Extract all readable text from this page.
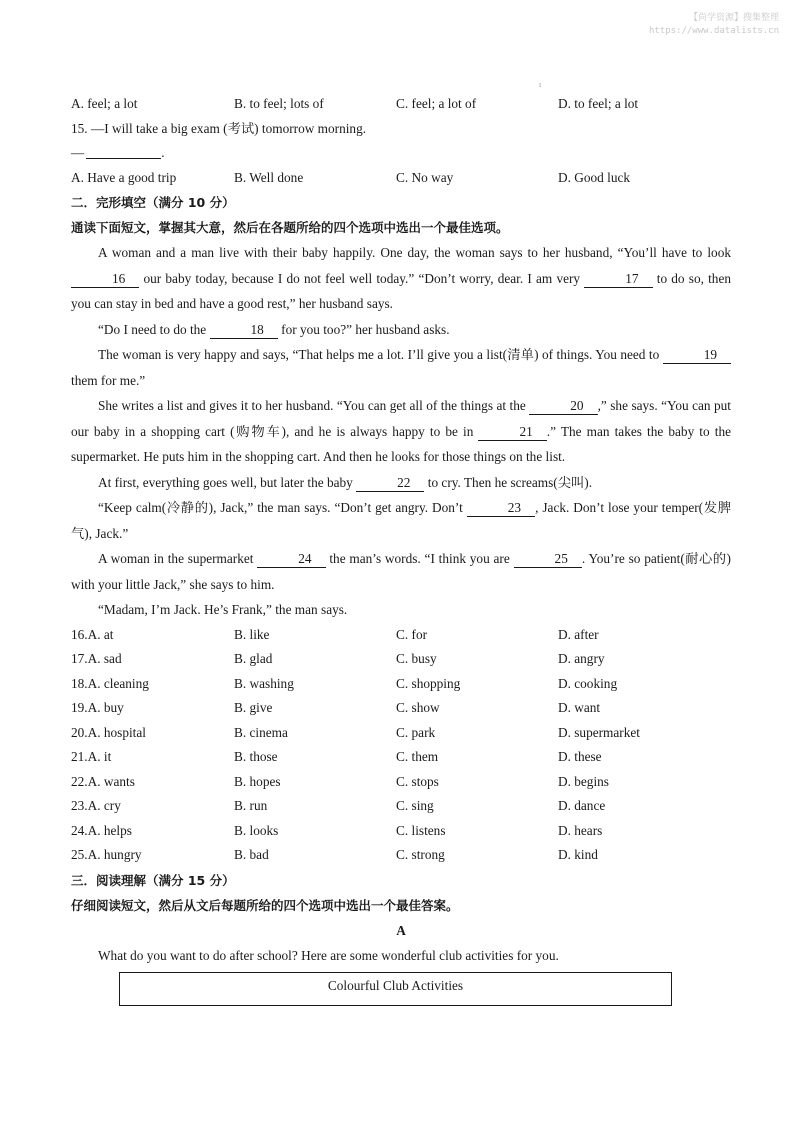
【尚学资源】搜集整理
https://www.datalists.cn
ı
A. feel; a lot	B. to feel; lots of	C. feel; a lot of	D. to feel; a lot
15. —I will take a big exam (考试) tomorrow morning.
—	.
A. Have a good trip	B. Well done	C. No way	D. Good luck
二．完形填空（满分 10 分）
通读下面短文，掌握其大意，然后在各题所给的四个选项中选出一个最佳选项。

A woman and a man live with their baby happily. One day, the woman says to her husband, “You’ll have to look 16 our baby today, because I do not feel well today.” “Don’t worry, dear. I am very	17 to do so, then you can stay in bed and have a good rest,” her husband says.

“Do I need to do the	18 for you too?” her husband asks.

The woman is very happy and says, “That helps me a lot. I’ll give you a list(清单) of things. You need to	19 them for me.”

She writes a list and gives it to her husband. “You can get all of the things at the	20 ,” she says. “You can put our baby in a shopping cart (购物车), and he is always happy to be in	21 .” The man takes the baby to the supermarket. He puts him in the shopping cart. And then he looks for those things on the list.

At first, everything goes well, but later the baby	22 to cry. Then he screams(尖叫).

“Keep calm(冷静的), Jack,” the man says. “Don’t get angry. Don’t	23 , Jack. Don’t lose your temper(发脾气), Jack.”

A woman in the supermarket	24 the man’s words. “I think you are	25 . You’re so patient(耐心的) with your little Jack,” she says to him.

“Madam, I’m Jack. He’s Frank,” the man says.

16.A. at	B. like	C. for	D. after
17.A. sad	B. glad	C. busy	D. angry
18.A. cleaning	B. washing	C. shopping	D. cooking
19.A. buy	B. give	C. show	D. want
20.A. hospital	B. cinema	C. park	D. supermarket
21.A. it	B. those	C. them	D. these
22.A. wants	B. hopes	C. stops	D. begins
23.A. cry	B. run	C. sing	D. dance
24.A. helps	B. looks	C. listens	D. hears
25.A. hungry	B. bad	C. strong	D. kind
三．阅读理解（满分 15 分）
仔细阅读短文，然后从文后每题所给的四个选项中选出一个最佳答案。
A
What do you want to do after school? Here are some wonderful club activities for you.
Colourful Club Activities
